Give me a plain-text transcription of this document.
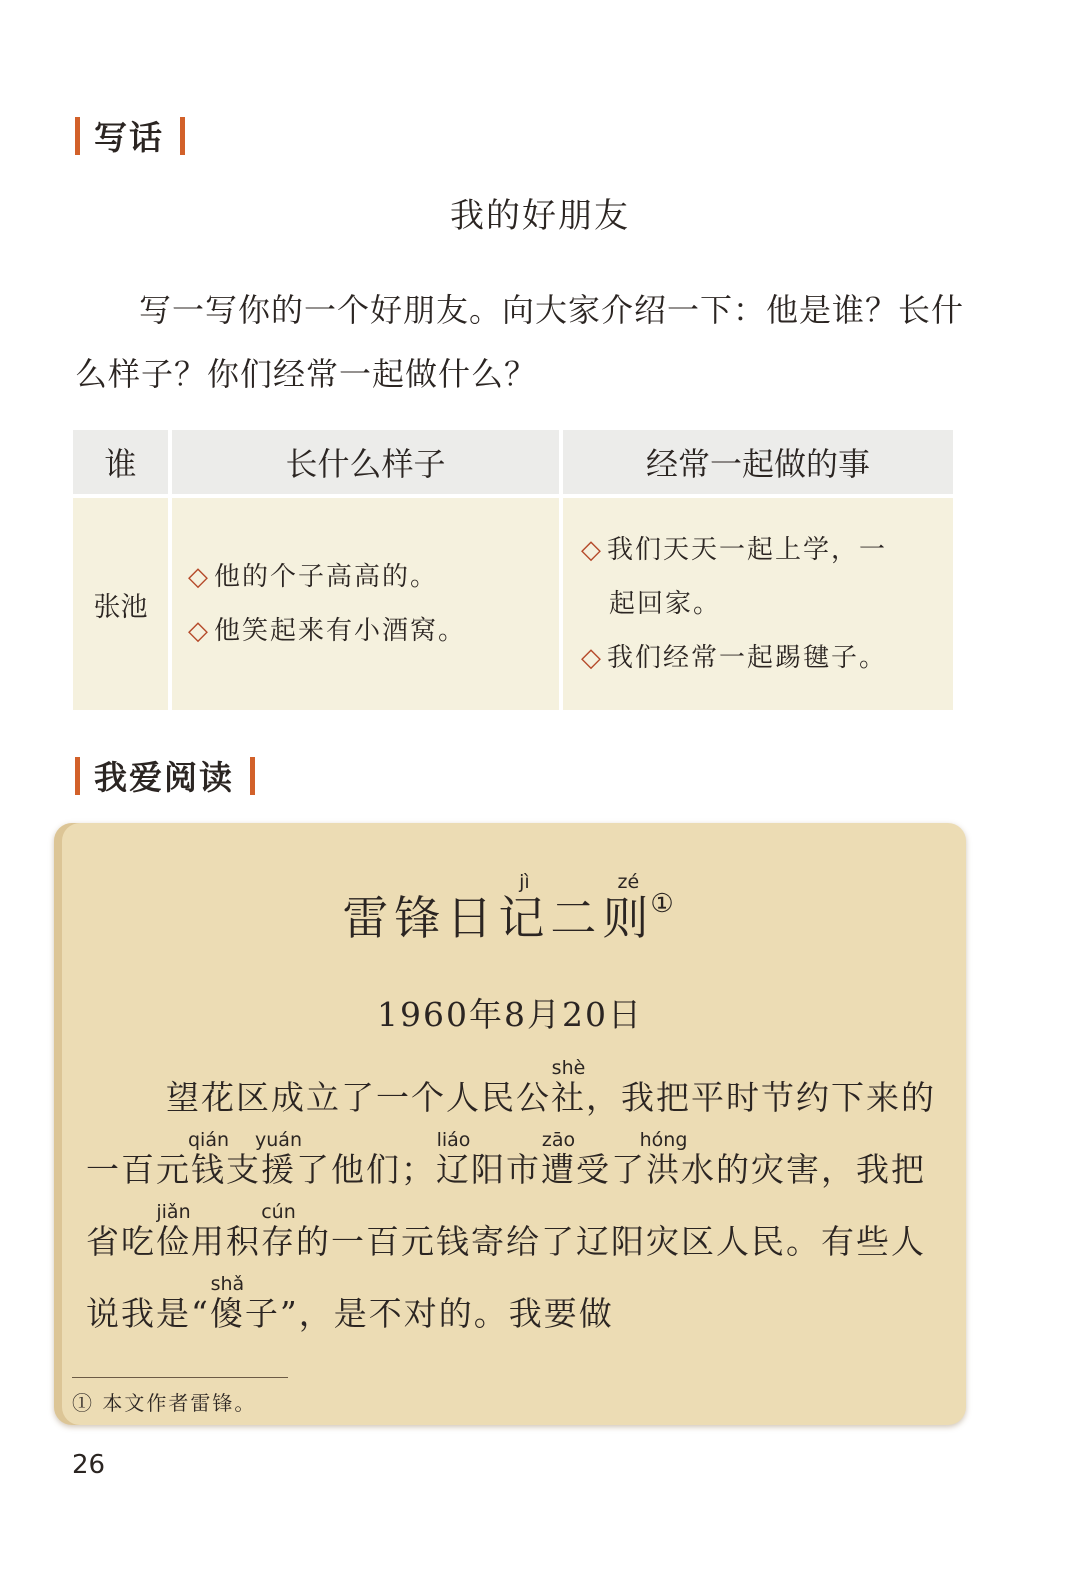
写话
我的好朋友
写一写你的一个好朋友。向大家介绍一下：他是谁？长什么样子？你们经常一起做什么？
谁	长什么样子	经常一起做的事
张池
◇ 他的个子高高的。
◇ 他笑起来有小酒窝。
◇ 我们天天一起上学，一
起回家。
◇ 我们经常一起踢毽子。
我爱阅读
雷锋日记jì二则zé①
1960年8月20日
望花区成立了一个人民公社shè，我把平时节约下来的一百元钱qián支援yuán了他们；辽liáo阳市遭zāo受了洪hóng水的灾害，我把省吃俭jiǎn用积存cún的一百元钱寄给了辽阳灾区人民。有些人说我是“傻shǎ子”，是不对的。我要做
① 本文作者雷锋。
26
